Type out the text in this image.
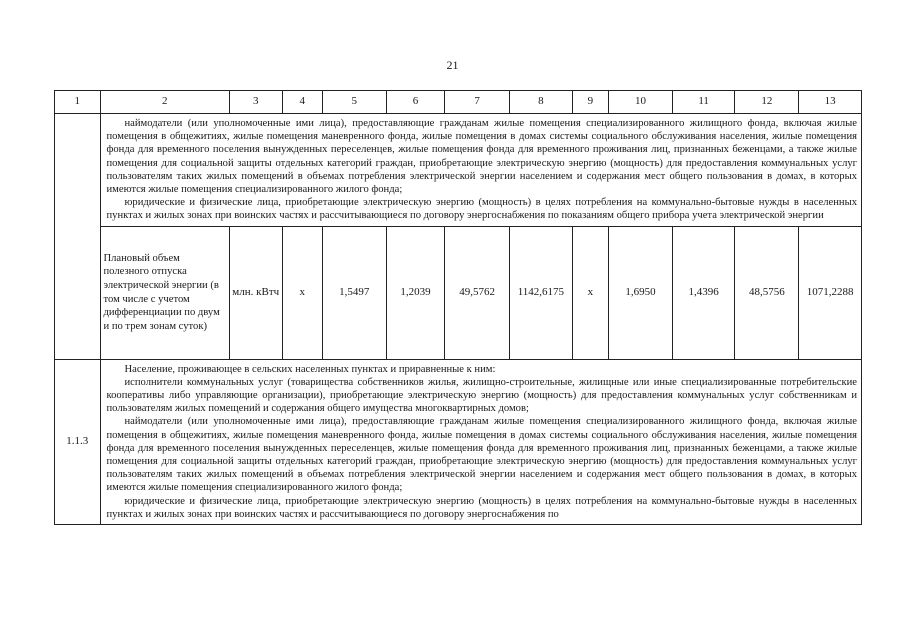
21
1	2	3	4	5	6	7	8	9	10	11	12	13

	наймодатели (или уполномоченные ими лица), предоставляющие гражданам жилые помещения специализированного жилищного фонда, включая жилые помещения в общежитиях, жилые помещения маневренного фонда, жилые помещения в домах системы социального обслуживания населения, жилые помещения фонда для временного поселения вынужденных переселенцев, жилые помещения фонда для временного проживания лиц, признанных беженцами, а также жилые помещения для социальной защиты отдельных категорий граждан, приобретающие электрическую энергию (мощность) для предоставления коммунальных услуг пользователям таких жилых помещений в объемах потребления электрической энергии населением и содержания мест общего пользования в домах, в которых имеются жилые помещения специализированного жилого фонда;

юридические и физические лица, приобретающие электрическую энергию (мощность) в целях потребления на коммунально-бытовые нужды в населенных пунктах и жилых зонах при воинских частях и рассчитывающиеся по договору энергоснабжения по показаниям общего прибора учета электрической энергии											

	Плановый объем полезного отпуска электрической энергии (в том числе с учетом дифференциации по двум и по трем зонам суток)	млн. кВтч	x	1,5497	1,2039	49,5762	1142,6175	x	1,6950	1,4396	48,5756	1071,2288
1.1.3	Население, проживающее в сельских населенных пунктах и приравненные к ним:

исполнители коммунальных услуг (товарищества собственников жилья, жилищно-строительные, жилищные или иные специализированные потребительские кооперативы либо управляющие организации), приобретающие электрическую энергию (мощность) для предоставления коммунальных услуг собственникам и пользователям жилых помещений и содержания общего имущества многоквартирных домов;

наймодатели (или уполномоченные ими лица), предоставляющие гражданам жилые помещения специализированного жилищного фонда, включая жилые помещения в общежитиях, жилые помещения маневренного фонда, жилые помещения в домах системы социального обслуживания населения, жилые помещения фонда для временного поселения вынужденных переселенцев, жилые помещения фонда для временного проживания лиц, признанных беженцами, а также жилые помещения для социальной защиты отдельных категорий граждан, приобретающие электрическую энергию (мощность) для предоставления коммунальных услуг пользователям таких жилых помещений в объемах потребления электрической энергии населением и содержания мест общего пользования в домах, в которых имеются жилые помещения специализированного жилого фонда;

юридические и физические лица, приобретающие электрическую энергию (мощность) в целях потребления на коммунально-бытовые нужды в населенных пунктах и жилых зонах при воинских частях и рассчитывающиеся по договору энергоснабжения по											
